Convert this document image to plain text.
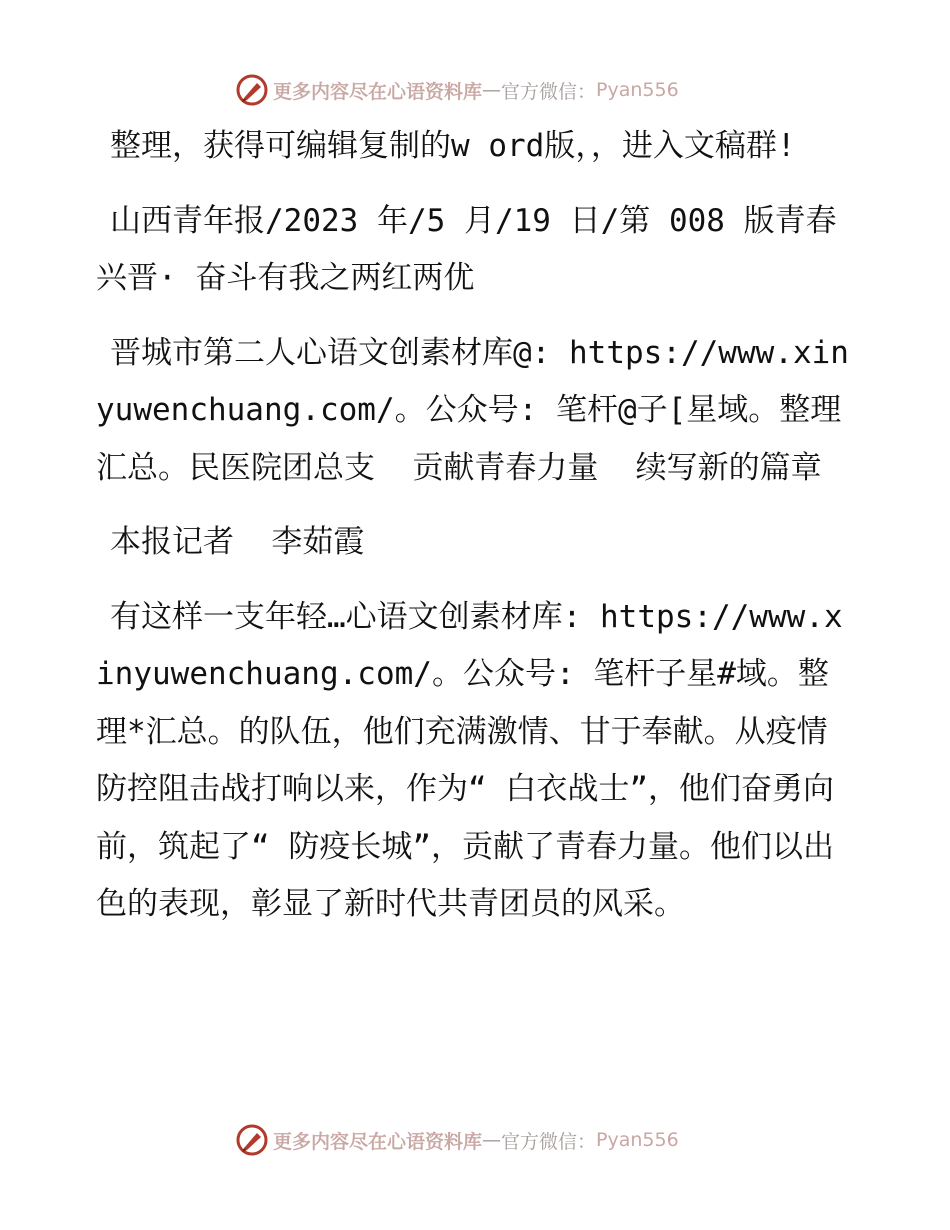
更多内容尽在心语资料库 — 官方微信： Pyan556

整理，获得可编辑复制的w ord版，，进入文稿群!

山西青年报/2023 年/5 月/19 日/第 008 版青春兴晋· 奋斗有我之两红两优

晋城市第二人心语文创素材库@: https://www.xinyuwenchuang.com/。公众号: 笔杆@子[星域。整理汇总。民医院团总支  贡献青春力量  续写新的篇章

本报记者  李茹霞

有这样一支年轻…心语文创素材库: https://www.xinyuwenchuang.com/。公众号: 笔杆子星#域。整理*汇总。的队伍，他们充满激情、甘于奉献。从疫情防控阻击战打响以来，作为“ 白衣战士”，他们奋勇向前，筑起了“ 防疫长城”，贡献了青春力量。他们以出色的表现，彰显了新时代共青团员的风采。

更多内容尽在心语资料库 — 官方微信： Pyan556
